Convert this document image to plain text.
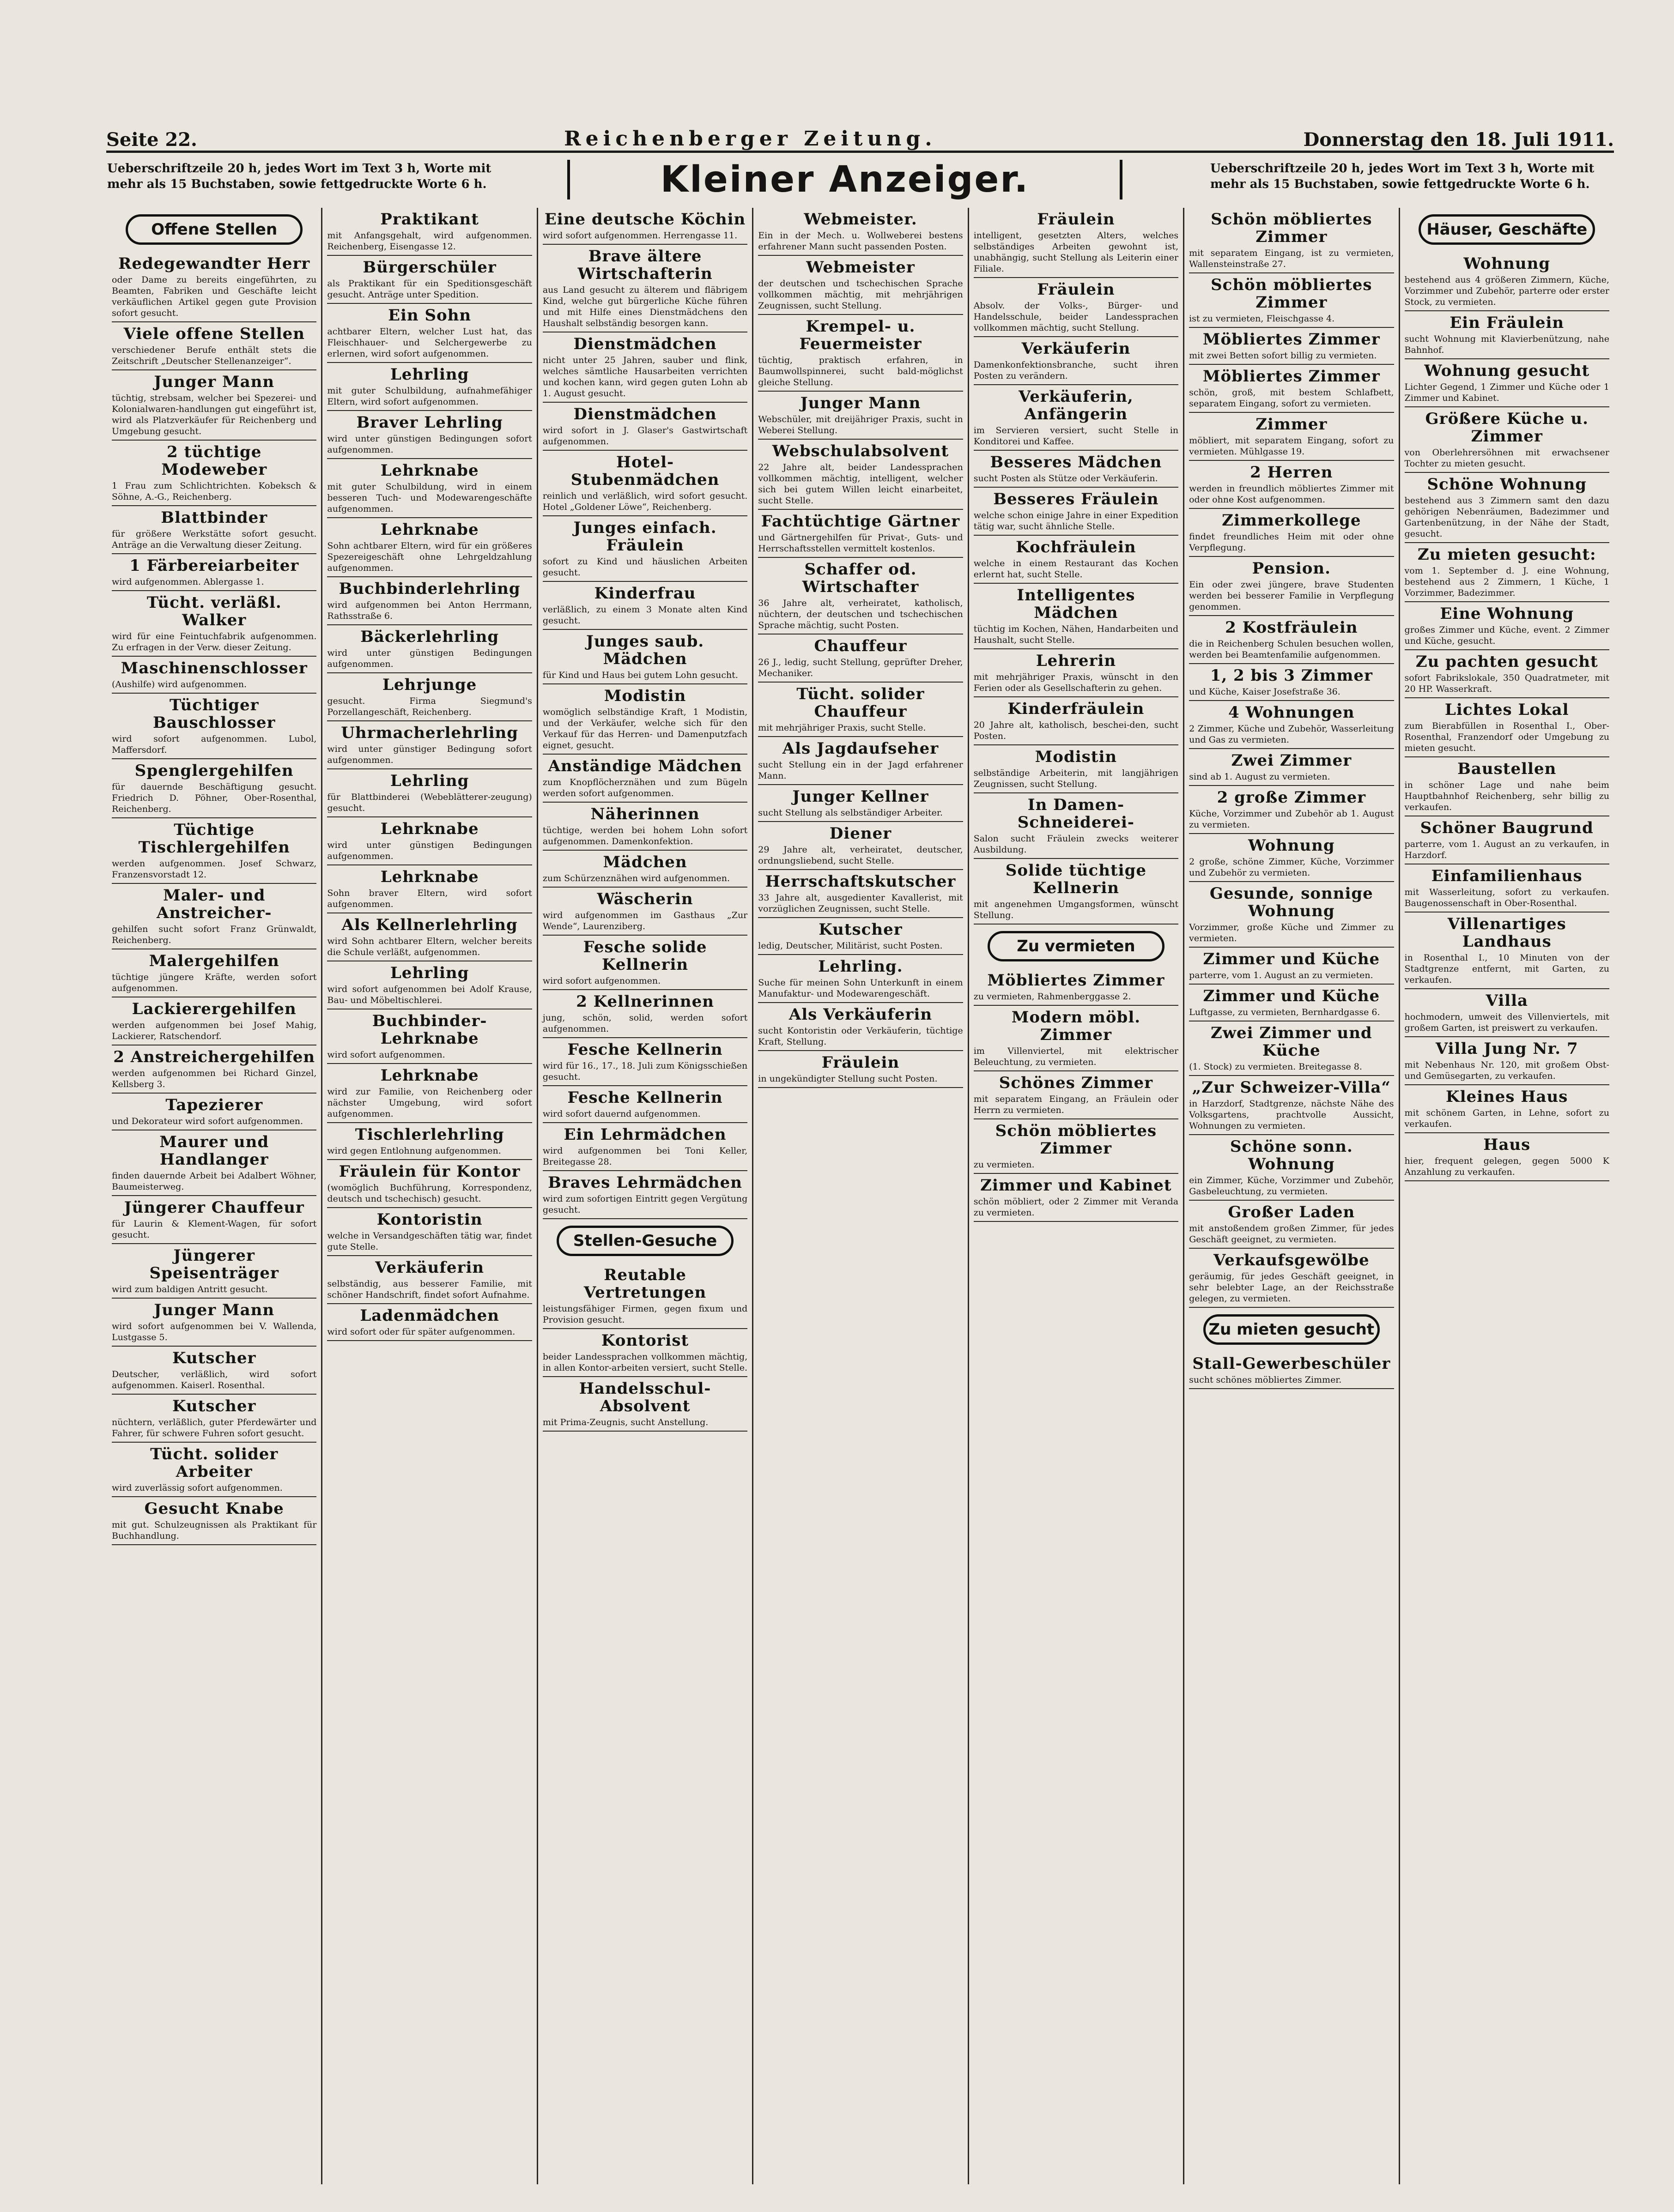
Seite 22.	Reichenberger Zeitung.	Donnerstag den 18. Juli 1911.
Ueberschriftzeile 20 h, jedes Wort im Text 3 h, Worte mit mehr als 15 Buchstaben, sowie fettgedruckte Worte 6 h.	Kleiner Anzeiger.	Ueberschriftzeile 20 h, jedes Wort im Text 3 h, Worte mit mehr als 15 Buchstaben, sowie fettgedruckte Worte 6 h.
Offene Stellen
Redegewandter Herr

oder Dame zu bereits eingeführten, zu Beamten, Fabriken und Geschäfte leicht verkäuflichen Artikel gegen gute Provision sofort gesucht.

Viele offene Stellen

verschiedener Berufe enthält stets die Zeitschrift „Deutscher Stellenanzeiger“.

Junger Mann

tüchtig, strebsam, welcher bei Spezerei- und Kolonialwaren-handlungen gut eingeführt ist, wird als Platzverkäufer für Reichenberg und Umgebung gesucht.

2 tüchtige Modeweber

1 Frau zum Schlichtrichten. Kobeksch & Söhne, A.-G., Reichenberg.

Blattbinder

für größere Werkstätte sofort gesucht. Anträge an die Verwaltung dieser Zeitung.

1 Färbereiarbeiter

wird aufgenommen. Ablergasse 1.

Tücht. verläßl. Walker

wird für eine Feintuchfabrik aufgenommen. Zu erfragen in der Verw. dieser Zeitung.

Maschinenschlosser

(Aushilfe) wird aufgenommen.

Tüchtiger Bauschlosser

wird sofort aufgenommen. Lubol, Maffersdorf.

Spenglergehilfen

für dauernde Beschäftigung gesucht. Friedrich D. Pöhner, Ober-Rosenthal, Reichenberg.

Tüchtige Tischlergehilfen

werden aufgenommen. Josef Schwarz, Franzensvorstadt 12.

Maler- und Anstreicher-

gehilfen sucht sofort Franz Grünwaldt, Reichenberg.

Malergehilfen

tüchtige jüngere Kräfte, werden sofort aufgenommen.

Lackierergehilfen

werden aufgenommen bei Josef Mahig, Lackierer, Ratschendorf.

2 Anstreichergehilfen

werden aufgenommen bei Richard Ginzel, Kellsberg 3.

Tapezierer

und Dekorateur wird sofort aufgenommen.

Maurer und Handlanger

finden dauernde Arbeit bei Adalbert Wöhner, Baumeisterweg.

Jüngerer Chauffeur

für Laurin & Klement-Wagen, für sofort gesucht.

Jüngerer Speisenträger

wird zum baldigen Antritt gesucht.

Junger Mann

wird sofort aufgenommen bei V. Wallenda, Lustgasse 5.

Kutscher

Deutscher, verläßlich, wird sofort aufgenommen. Kaiserl. Rosenthal.

Kutscher

nüchtern, verläßlich, guter Pferdewärter und Fahrer, für schwere Fuhren sofort gesucht.

Tücht. solider Arbeiter

wird zuverlässig sofort aufgenommen.

Gesucht Knabe

mit gut. Schulzeugnissen als Praktikant für Buchhandlung.

Praktikant

mit Anfangsgehalt, wird aufgenommen. Reichenberg, Eisengasse 12.

Bürgerschüler

als Praktikant für ein Speditionsgeschäft gesucht. Anträge unter Spedition.

Ein Sohn

achtbarer Eltern, welcher Lust hat, das Fleischhauer- und Selchergewerbe zu erlernen, wird sofort aufgenommen.

Lehrling

mit guter Schulbildung, aufnahmefähiger Eltern, wird sofort aufgenommen.

Braver Lehrling

wird unter günstigen Bedingungen sofort aufgenommen.

Lehrknabe

mit guter Schulbildung, wird in einem besseren Tuch- und Modewarengeschäfte aufgenommen.

Lehrknabe

Sohn achtbarer Eltern, wird für ein größeres Spezereigeschäft ohne Lehrgeldzahlung aufgenommen.

Buchbinderlehrling

wird aufgenommen bei Anton Herrmann, Rathsstraße 6.

Bäckerlehrling

wird unter günstigen Bedingungen aufgenommen.

Lehrjunge

gesucht. Firma Siegmund's Porzellangeschäft, Reichenberg.

Uhrmacherlehrling

wird unter günstiger Bedingung sofort aufgenommen.

Lehrling

für Blattbinderei (Webeblätterer-zeugung) gesucht.

Lehrknabe

wird unter günstigen Bedingungen aufgenommen.

Lehrknabe

Sohn braver Eltern, wird sofort aufgenommen.

Als Kellnerlehrling

wird Sohn achtbarer Eltern, welcher bereits die Schule verläßt, aufgenommen.

Lehrling

wird sofort aufgenommen bei Adolf Krause, Bau- und Möbeltischlerei.

Buchbinder-Lehrknabe

wird sofort aufgenommen.

Lehrknabe

wird zur Familie, von Reichenberg oder nächster Umgebung, wird sofort aufgenommen.

Tischlerlehrling

wird gegen Entlohnung aufgenommen.

Fräulein für Kontor

(womöglich Buchführung, Korrespondenz, deutsch und tschechisch) gesucht.

Kontoristin

welche in Versandgeschäften tätig war, findet gute Stelle.

Verkäuferin

selbständig, aus besserer Familie, mit schöner Handschrift, findet sofort Aufnahme.

Ladenmädchen

wird sofort oder für später aufgenommen.

Eine deutsche Köchin

wird sofort aufgenommen. Herrengasse 11.

Brave ältere Wirtschafterin

aus Land gesucht zu älterem und fläbrigem Kind, welche gut bürgerliche Küche führen und mit Hilfe eines Dienstmädchens den Haushalt selbständig besorgen kann.

Dienstmädchen

nicht unter 25 Jahren, sauber und flink, welches sämtliche Hausarbeiten verrichten und kochen kann, wird gegen guten Lohn ab 1. August gesucht.

Dienstmädchen

wird sofort in J. Glaser's Gastwirtschaft aufgenommen.

Hotel-Stubenmädchen

reinlich und verläßlich, wird sofort gesucht. Hotel „Goldener Löwe“, Reichenberg.

Junges einfach. Fräulein

sofort zu Kind und häuslichen Arbeiten gesucht.

Kinderfrau

verläßlich, zu einem 3 Monate alten Kind gesucht.

Junges saub. Mädchen

für Kind und Haus bei gutem Lohn gesucht.

Modistin

womöglich selbständige Kraft, 1 Modistin, und der Verkäufer, welche sich für den Verkauf für das Herren- und Damenputzfach eignet, gesucht.

Anständige Mädchen

zum Knopflöcherznähen und zum Bügeln werden sofort aufgenommen.

Näherinnen

tüchtige, werden bei hohem Lohn sofort aufgenommen. Damenkonfektion.

Mädchen

zum Schürzenznähen wird aufgenommen.

Wäscherin

wird aufgenommen im Gasthaus „Zur Wende“, Laurenziberg.

Fesche solide Kellnerin

wird sofort aufgenommen.

2 Kellnerinnen

jung, schön, solid, werden sofort aufgenommen.

Fesche Kellnerin

wird für 16., 17., 18. Juli zum Königsschießen gesucht.

Fesche Kellnerin

wird sofort dauernd aufgenommen.

Ein Lehrmädchen

wird aufgenommen bei Toni Keller, Breitegasse 28.

Braves Lehrmädchen

wird zum sofortigen Eintritt gegen Vergütung gesucht.

Stellen-Gesuche
Reutable Vertretungen

leistungsfähiger Firmen, gegen fixum und Provision gesucht.

Kontorist

beider Landessprachen vollkommen mächtig, in allen Kontor-arbeiten versiert, sucht Stelle.

Handelsschul-Absolvent

mit Prima-Zeugnis, sucht Anstellung.

Webmeister.

Ein in der Mech. u. Wollweberei bestens erfahrener Mann sucht passenden Posten.

Webmeister

der deutschen und tschechischen Sprache vollkommen mächtig, mit mehrjährigen Zeugnissen, sucht Stellung.

Krempel- u. Feuermeister

tüchtig, praktisch erfahren, in Baumwollspinnerei, sucht bald-möglichst gleiche Stellung.

Junger Mann

Webschüler, mit dreijähriger Praxis, sucht in Weberei Stellung.

Webschulabsolvent

22 Jahre alt, beider Landessprachen vollkommen mächtig, intelligent, welcher sich bei gutem Willen leicht einarbeitet, sucht Stelle.

Fachtüchtige Gärtner

und Gärtnergehilfen für Privat-, Guts- und Herrschaftsstellen vermittelt kostenlos.

Schaffer od. Wirtschafter

36 Jahre alt, verheiratet, katholisch, nüchtern, der deutschen und tschechischen Sprache mächtig, sucht Posten.

Chauffeur

26 J., ledig, sucht Stellung, geprüfter Dreher, Mechaniker.

Tücht. solider Chauffeur

mit mehrjähriger Praxis, sucht Stelle.

Als Jagdaufseher

sucht Stellung ein in der Jagd erfahrener Mann.

Junger Kellner

sucht Stellung als selbständiger Arbeiter.

Diener

29 Jahre alt, verheiratet, deutscher, ordnungsliebend, sucht Stelle.

Herrschaftskutscher

33 Jahre alt, ausgedienter Kavallerist, mit vorzüglichen Zeugnissen, sucht Stelle.

Kutscher

ledig, Deutscher, Militärist, sucht Posten.

Lehrling.

Suche für meinen Sohn Unterkunft in einem Manufaktur- und Modewarengeschäft.

Als Verkäuferin

sucht Kontoristin oder Verkäuferin, tüchtige Kraft, Stellung.

Fräulein

in ungekündigter Stellung sucht Posten.

Fräulein

intelligent, gesetzten Alters, welches selbständiges Arbeiten gewohnt ist, unabhängig, sucht Stellung als Leiterin einer Filiale.

Fräulein

Absolv. der Volks-, Bürger- und Handelsschule, beider Landessprachen vollkommen mächtig, sucht Stellung.

Verkäuferin

Damenkonfektionsbranche, sucht ihren Posten zu verändern.

Verkäuferin, Anfängerin

im Servieren versiert, sucht Stelle in Konditorei und Kaffee.

Besseres Mädchen

sucht Posten als Stütze oder Verkäuferin.

Besseres Fräulein

welche schon einige Jahre in einer Expedition tätig war, sucht ähnliche Stelle.

Kochfräulein

welche in einem Restaurant das Kochen erlernt hat, sucht Stelle.

Intelligentes Mädchen

tüchtig im Kochen, Nähen, Handarbeiten und Haushalt, sucht Stelle.

Lehrerin

mit mehrjähriger Praxis, wünscht in den Ferien oder als Gesellschafterin zu gehen.

Kinderfräulein

20 Jahre alt, katholisch, beschei-den, sucht Posten.

Modistin

selbständige Arbeiterin, mit langjährigen Zeugnissen, sucht Stellung.

In Damen-Schneiderei-

Salon sucht Fräulein zwecks weiterer Ausbildung.

Solide tüchtige Kellnerin

mit angenehmen Umgangsformen, wünscht Stellung.

Zu vermieten
Möbliertes Zimmer

zu vermieten, Rahmenberggasse 2.

Modern möbl. Zimmer

im Villenviertel, mit elektrischer Beleuchtung, zu vermieten.

Schönes Zimmer

mit separatem Eingang, an Fräulein oder Herrn zu vermieten.

Schön möbliertes Zimmer

zu vermieten.

Zimmer und Kabinet

schön möbliert, oder 2 Zimmer mit Veranda zu vermieten.

Schön möbliertes Zimmer

mit separatem Eingang, ist zu vermieten, Wallensteinstraße 27.

Schön möbliertes Zimmer

ist zu vermieten, Fleischgasse 4.

Möbliertes Zimmer

mit zwei Betten sofort billig zu vermieten.

Möbliertes Zimmer

schön, groß, mit bestem Schlafbett, separatem Eingang, sofort zu vermieten.

Zimmer

möbliert, mit separatem Eingang, sofort zu vermieten. Mühlgasse 19.

2 Herren

werden in freundlich möbliertes Zimmer mit oder ohne Kost aufgenommen.

Zimmerkollege

findet freundliches Heim mit oder ohne Verpflegung.

Pension.

Ein oder zwei jüngere, brave Studenten werden bei besserer Familie in Verpflegung genommen.

2 Kostfräulein

die in Reichenberg Schulen besuchen wollen, werden bei Beamtenfamilie aufgenommen.

1, 2 bis 3 Zimmer

und Küche, Kaiser Josefstraße 36.

4 Wohnungen

2 Zimmer, Küche und Zubehör, Wasserleitung und Gas zu vermieten.

Zwei Zimmer

sind ab 1. August zu vermieten.

2 große Zimmer

Küche, Vorzimmer und Zubehör ab 1. August zu vermieten.

Wohnung

2 große, schöne Zimmer, Küche, Vorzimmer und Zubehör zu vermieten.

Gesunde, sonnige Wohnung

Vorzimmer, große Küche und Zimmer zu vermieten.

Zimmer und Küche

parterre, vom 1. August an zu vermieten.

Zimmer und Küche

Luftgasse, zu vermieten, Bernhardgasse 6.

Zwei Zimmer und Küche

(1. Stock) zu vermieten. Breitegasse 8.

„Zur Schweizer-Villa“

in Harzdorf, Stadtgrenze, nächste Nähe des Volksgartens, prachtvolle Aussicht, Wohnungen zu vermieten.

Schöne sonn. Wohnung

ein Zimmer, Küche, Vorzimmer und Zubehör, Gasbeleuchtung, zu vermieten.

Großer Laden

mit anstoßendem großen Zimmer, für jedes Geschäft geeignet, zu vermieten.

Verkaufsgewölbe

geräumig, für jedes Geschäft geeignet, in sehr belebter Lage, an der Reichsstraße gelegen, zu vermieten.

Zu mieten gesucht
Stall-Gewerbeschüler

sucht schönes möbliertes Zimmer.

Häuser, Geschäfte
Wohnung

bestehend aus 4 größeren Zimmern, Küche, Vorzimmer und Zubehör, parterre oder erster Stock, zu vermieten.

Ein Fräulein

sucht Wohnung mit Klavierbenützung, nahe Bahnhof.

Wohnung gesucht

Lichter Gegend, 1 Zimmer und Küche oder 1 Zimmer und Kabinet.

Größere Küche u. Zimmer

von Oberlehrersöhnen mit erwachsener Tochter zu mieten gesucht.

Schöne Wohnung

bestehend aus 3 Zimmern samt den dazu gehörigen Nebenräumen, Badezimmer und Gartenbenützung, in der Nähe der Stadt, gesucht.

Zu mieten gesucht:

vom 1. September d. J. eine Wohnung, bestehend aus 2 Zimmern, 1 Küche, 1 Vorzimmer, Badezimmer.

Eine Wohnung

großes Zimmer und Küche, event. 2 Zimmer und Küche, gesucht.

Zu pachten gesucht

sofort Fabrikslokale, 350 Quadratmeter, mit 20 HP. Wasserkraft.

Lichtes Lokal

zum Bierabfüllen in Rosenthal I., Ober-Rosenthal, Franzendorf oder Umgebung zu mieten gesucht.

Baustellen

in schöner Lage und nahe beim Hauptbahnhof Reichenberg, sehr billig zu verkaufen.

Schöner Baugrund

parterre, vom 1. August an zu verkaufen, in Harzdorf.

Einfamilienhaus

mit Wasserleitung, sofort zu verkaufen. Baugenossenschaft in Ober-Rosenthal.

Villenartiges Landhaus

in Rosenthal I., 10 Minuten von der Stadtgrenze entfernt, mit Garten, zu verkaufen.

Villa

hochmodern, umweit des Villenviertels, mit großem Garten, ist preiswert zu verkaufen.

Villa Jung Nr. 7

mit Nebenhaus Nr. 120, mit großem Obst- und Gemüsegarten, zu verkaufen.

Kleines Haus

mit schönem Garten, in Lehne, sofort zu verkaufen.

Haus

hier, frequent gelegen, gegen 5000 K Anzahlung zu verkaufen.
